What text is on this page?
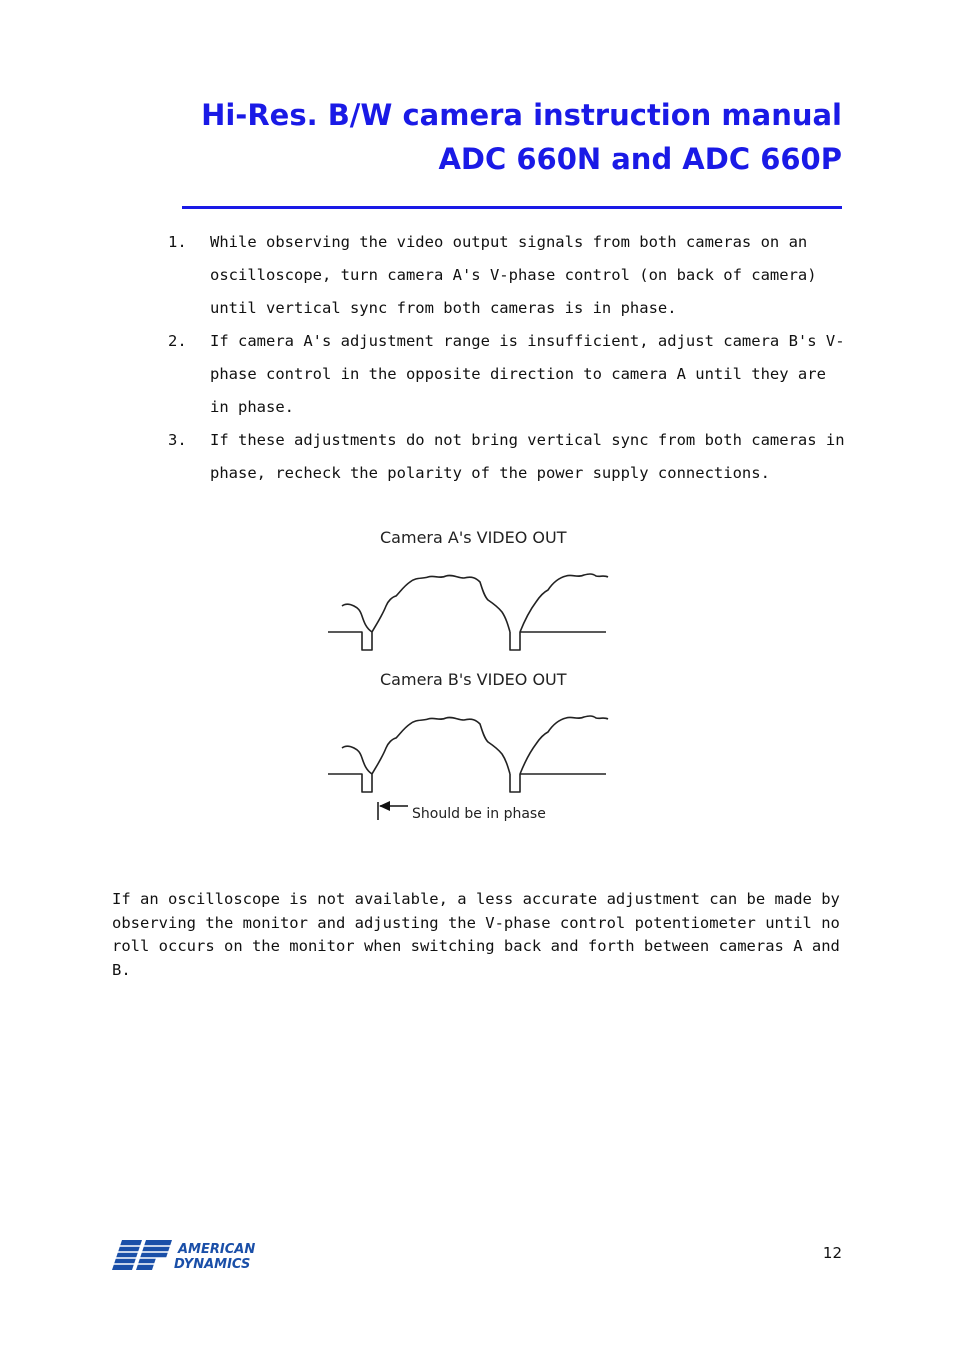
Hi-Res. B/W camera instruction manual
ADC 660N and ADC 660P
1. While observing the video output signals from both cameras on an oscilloscope, turn camera A's V-phase control (on back of camera) until vertical sync from both cameras is in phase.
2. If camera A's adjustment range is insufficient, adjust camera B's V-phase control in the opposite direction to camera A until they are in phase.
3. If these adjustments do not bring vertical sync from both cameras in phase, recheck the polarity of the power supply connections.
Camera A's VIDEO OUT
Camera B's VIDEO OUT
Should be in phase

If an oscilloscope is not available, a less accurate adjustment can be made by
observing the monitor and adjusting the V-phase control potentiometer until no
roll occurs on the monitor when switching back and forth between cameras A and B.

AMERICAN
DYNAMICS
12
